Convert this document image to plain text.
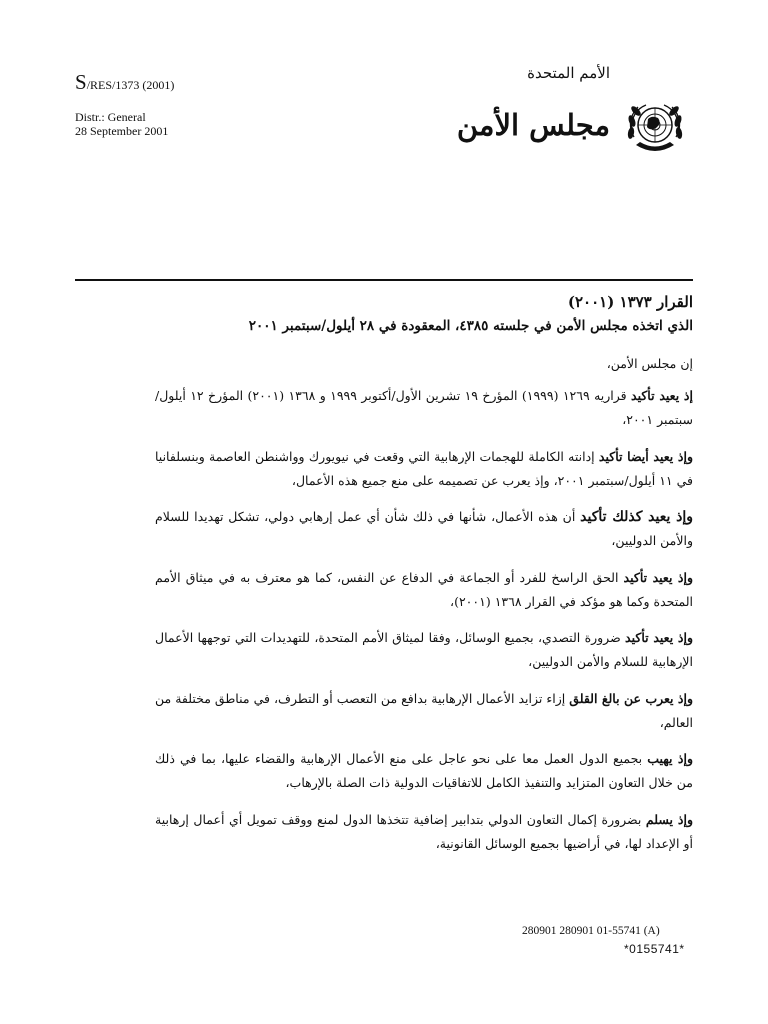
S/RES/1373 (2001)
Distr.: General
28 September 2001
الأمم المتحدة
مجلس الأمن
القرار ١٣٧٣ (٢٠٠١)
الذي اتخذه مجلس الأمن في جلسته ٤٣٨٥، المعقودة في ٢٨ أيلول/سبتمبر ٢٠٠١
إن مجلس الأمن،

إذ يعيد تأكيد قراريه ١٢٦٩ (١٩٩٩) المؤرخ ١٩ تشرين الأول/أكتوبر ١٩٩٩ و ١٣٦٨ (٢٠٠١) المؤرخ ١٢ أيلول/سبتمبر ٢٠٠١،

وإذ يعيد أيضا تأكيد إدانته الكاملة للهجمات الإرهابية التي وقعت في نيويورك وواشنطن العاصمة وبنسلفانيا في ١١ أيلول/سبتمبر ٢٠٠١، وإذ يعرب عن تصميمه على منع جميع هذه الأعمال،

وإذ يعيد كذلك تأكيد أن هذه الأعمال، شأنها في ذلك شأن أي عمل إرهابي دولي، تشكل تهديدا للسلام والأمن الدوليين،

وإذ يعيد تأكيد الحق الراسخ للفرد أو الجماعة في الدفاع عن النفس، كما هو معترف به في ميثاق الأمم المتحدة وكما هو مؤكد في القرار ١٣٦٨ (٢٠٠١)،

وإذ يعيد تأكيد ضرورة التصدي، بجميع الوسائل، وفقا لميثاق الأمم المتحدة، للتهديدات التي توجهها الأعمال الإرهابية للسلام والأمن الدوليين،

وإذ يعرب عن بالغ القلق إزاء تزايد الأعمال الإرهابية بدافع من التعصب أو التطرف، في مناطق مختلفة من العالم،

وإذ يهيب بجميع الدول العمل معا على نحو عاجل على منع الأعمال الإرهابية والقضاء عليها، بما في ذلك من خلال التعاون المتزايد والتنفيذ الكامل للاتفاقيات الدولية ذات الصلة بالإرهاب،

وإذ يسلم بضرورة إكمال التعاون الدولي بتدابير إضافية تتخذها الدول لمنع ووقف تمويل أي أعمال إرهابية أو الإعداد لها، في أراضيها بجميع الوسائل القانونية،

280901 280901 01-55741 (A)
*0155741*
